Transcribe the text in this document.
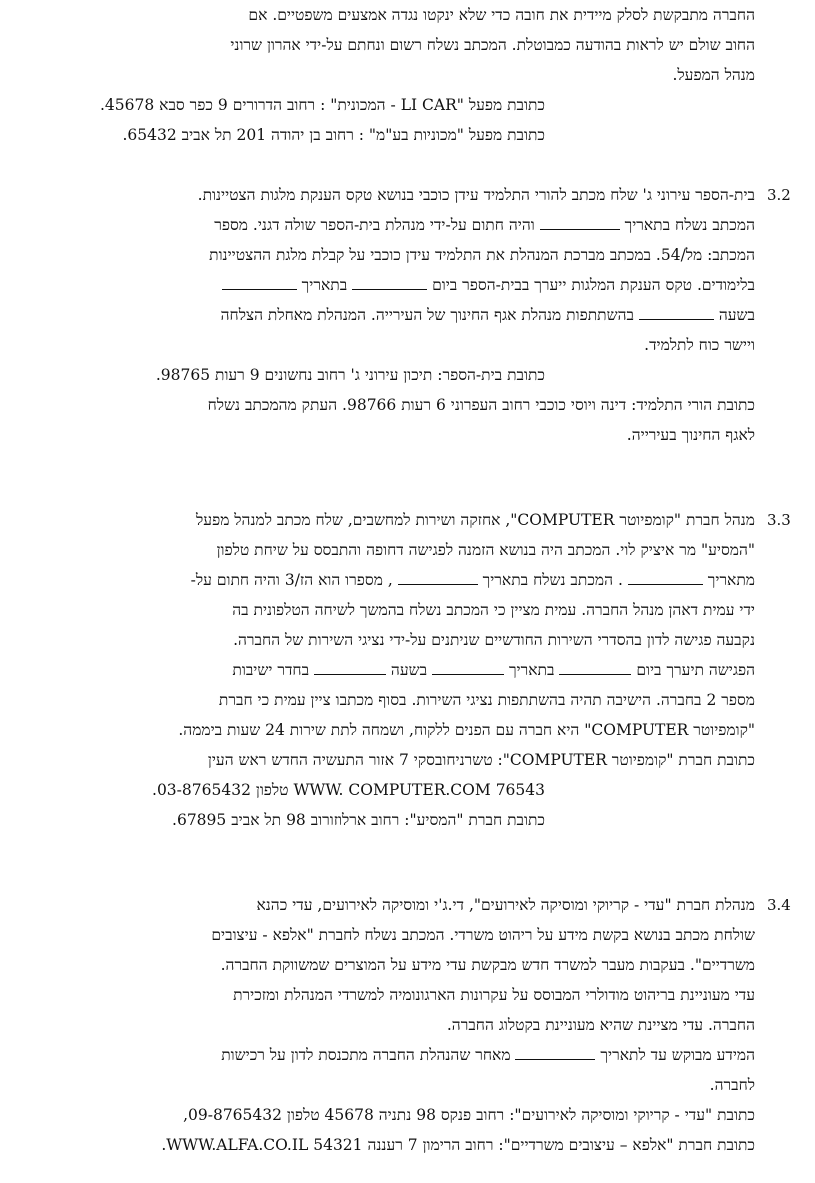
החברה מתבקשת לסלק מיידית את חובה כדי שלא ינקטו נגדה אמצעים משפטיים. אם

החוב שולם יש לראות בהודעה כמבוטלת. המכתב נשלח רשום ונחתם על-ידי אהרון שרוני

מנהל המפעל.

כתובת מפעל "LI CAR - המכונית" : רחוב הדרורים 9 כפר סבא 45678.

כתובת מפעל "מכוניות בע"מ" : רחוב בן יהודה 201 תל אביב 65432.

3.2

בית-הספר עירוני ג' שלח מכתב להורי התלמיד עידן כוכבי בנושא טקס הענקת מלגות הצטיינות.

המכתב נשלח בתאריך  והיה חתום על-ידי מנהלת בית-הספר שולה דגני. מספר

המכתב: מל/54. במכתב מברכת המנהלת את התלמיד עידן כוכבי על קבלת מלגת ההצטיינות

בלימודים. טקס הענקת המלגות ייערך בבית-הספר ביום  בתאריך

בשעה  בהשתתפות מנהלת אגף החינוך של העירייה. המנהלת מאחלת הצלחה

ויישר כוח לתלמיד.

כתובת בית-הספר: תיכון עירוני ג' רחוב נחשונים 9 רעות 98765.

כתובת הורי התלמיד: דינה ויוסי כוכבי רחוב העפרוני 6 רעות 98766. העתק מהמכתב נשלח

לאגף החינוך בעירייה.

3.3

מנהל חברת "קומפיוטר COMPUTER", אחזקה ושירות למחשבים, שלח מכתב למנהל מפעל

"המסיע" מר איציק לוי. המכתב היה בנושא הזמנה לפגישה דחופה והתבסס על שיחת טלפון

מתאריך  . המכתב נשלח בתאריך  , מספרו הוא הז/3 והיה חתום על-

ידי עמית דאהן מנהל החברה. עמית מציין כי המכתב נשלח בהמשך לשיחה הטלפונית בה

נקבעה פגישה לדון בהסדרי השירות החודשיים שניתנים על-ידי נציגי השירות של החברה.

הפגישה תיערך ביום  בתאריך  בשעה  בחדר ישיבות

מספר 2 בחברה. הישיבה תהיה בהשתתפות נציגי השירות. בסוף מכתבו ציין עמית כי חברת

"קומפיוטר COMPUTER" היא חברה עם הפנים ללקוח, ושמחה לתת שירות 24 שעות ביממה.

כתובת חברת "קומפיוטר COMPUTER": טשרניחובסקי 7 אזור התעשיה החדש ראש העין

76543 WWW. COMPUTER.COM טלפון 03-8765432.

כתובת חברת "המסיע": רחוב ארלוזורוב 98 תל אביב 67895.

3.4

מנהלת חברת "עדי - קריוקי ומוסיקה לאירועים", די.ג'י ומוסיקה לאירועים, עדי כהנא

שולחת מכתב בנושא בקשת מידע על ריהוט משרדי. המכתב נשלח לחברת "אלפא - עיצובים

משרדיים". בעקבות מעבר למשרד חדש מבקשת עדי מידע על המוצרים שמשווקת החברה.

עדי מעוניינת בריהוט מודולרי המבוסס על עקרונות הארגונומיה למשרדי המנהלת ומזכירת

החברה. עדי מציינת שהיא מעוניינת בקטלוג החברה.

המידע מבוקש עד לתאריך  מאחר שהנהלת החברה מתכנסת לדון על רכישות

לחברה.

כתובת "עדי - קריוקי ומוסיקה לאירועים": רחוב פנקס 98 נתניה 45678 טלפון 09-8765432,

כתובת חברת "אלפא – עיצובים משרדיים": רחוב הרימון 7 רעננה 54321 WWW.ALFA.CO.IL.
